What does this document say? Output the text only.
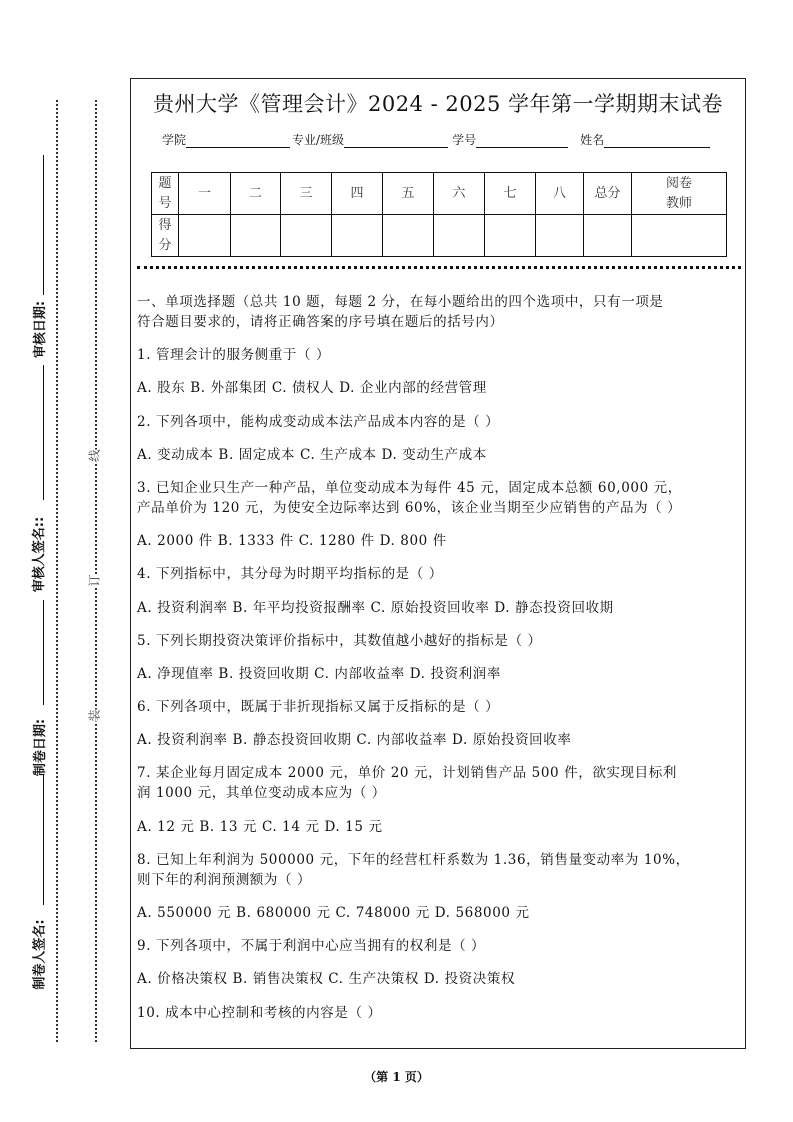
审核日期:
审核人签名::
制卷日期:
制卷人签名:
线
订
装
贵州大学《管理会计》2024 - 2025 学年第一学期期末试卷
学院	专业/班级	学号	姓名
题
号	一	二	三	四	五	六	七	八	总分	阅卷
教师
得
分										
一、单项选择题（总共 10 题，每题 2 分，在每小题给出的四个选项中，只有一项是
符合题目要求的，请将正确答案的序号填在题后的括号内）
1. 管理会计的服务侧重于（ ）
A. 股东 B. 外部集团 C. 债权人 D. 企业内部的经营管理
2. 下列各项中，能构成变动成本法产品成本内容的是（ ）
A. 变动成本 B. 固定成本 C. 生产成本 D. 变动生产成本
3. 已知企业只生产一种产品，单位变动成本为每件 45 元，固定成本总额 60,000 元，
产品单价为 120 元，为使安全边际率达到 60%，该企业当期至少应销售的产品为（ ）
A. 2000 件 B. 1333 件 C. 1280 件 D. 800 件
4. 下列指标中，其分母为时期平均指标的是（ ）
A. 投资利润率 B. 年平均投资报酬率 C. 原始投资回收率 D. 静态投资回收期
5. 下列长期投资决策评价指标中，其数值越小越好的指标是（ ）
A. 净现值率 B. 投资回收期 C. 内部收益率 D. 投资利润率
6. 下列各项中，既属于非折现指标又属于反指标的是（ ）
A. 投资利润率 B. 静态投资回收期 C. 内部收益率 D. 原始投资回收率
7. 某企业每月固定成本 2000 元，单价 20 元，计划销售产品 500 件，欲实现目标利
润 1000 元，其单位变动成本应为（ ）
A. 12 元 B. 13 元 C. 14 元 D. 15 元
8. 已知上年利润为 500000 元，下年的经营杠杆系数为 1.36，销售量变动率为 10%，
则下年的利润预测额为（ ）
A. 550000 元 B. 680000 元 C. 748000 元 D. 568000 元
9. 下列各项中，不属于利润中心应当拥有的权利是（ ）
A. 价格决策权 B. 销售决策权 C. 生产决策权 D. 投资决策权
10. 成本中心控制和考核的内容是（ ）
（第 1 页）
